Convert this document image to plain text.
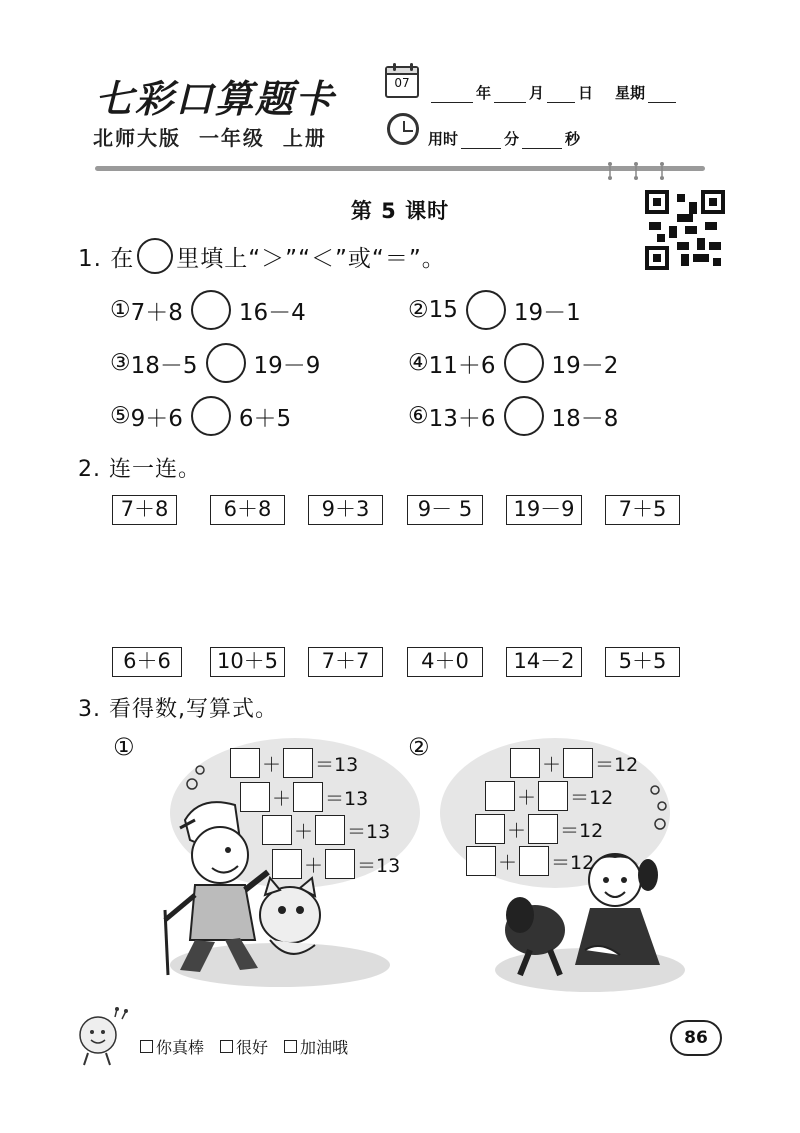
七彩口算题卡
北师大版 一年级 上册
07
年	月 日 星期
用时	分	秒
第 5 课时
1. 在 里填上“＞”“＜”或“＝”。
① 7＋8 16－4	② 15 19－1
③ 18－5 19－9	④ 11＋6 19－2
⑤ 9＋6 6＋5	⑥ 13＋6 18－8
2. 连一连。
7＋8	6＋8	9＋3	9－ 5	19－9	7＋5
6＋6	10＋5	7＋7	4＋0	14－2	5＋5
3. 看得数,写算式。
①	②
＋ ＝13
＋ ＝13
＋ ＝13
＋ ＝13
＋ ＝12
＋ ＝12
＋ ＝12
＋ ＝12
你真棒 很好 加油哦	86
